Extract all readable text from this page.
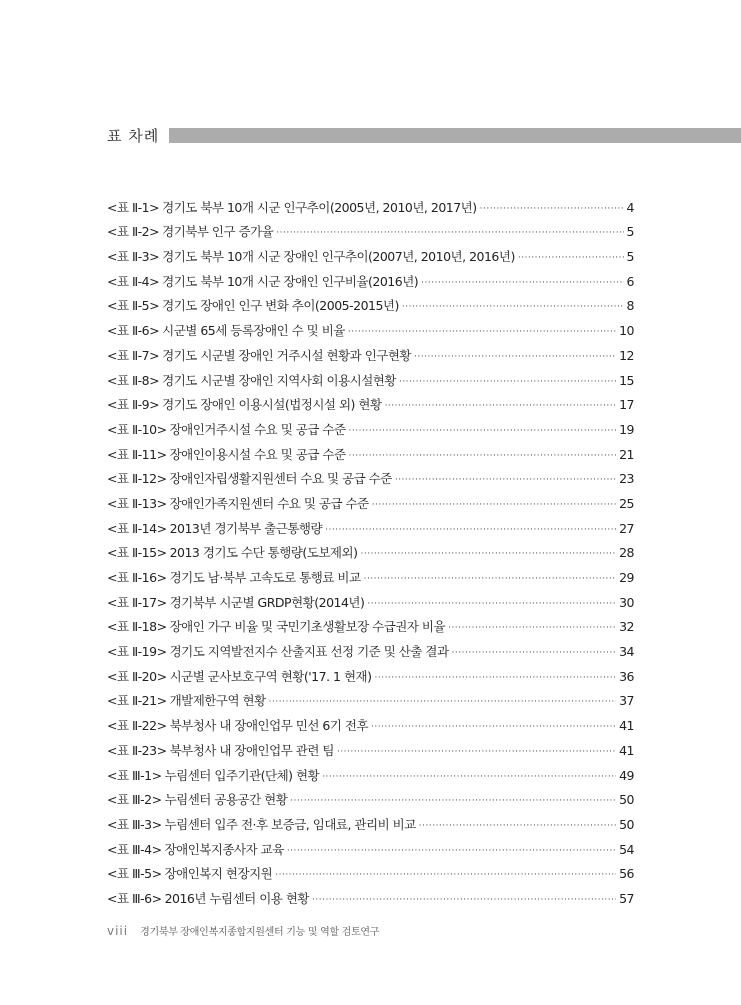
표 차례
<표 Ⅱ-1> 경기도 북부 10개 시군 인구추이(2005년, 2010년, 2017년) ·····	4
<표 Ⅱ-2> 경기북부 인구 증가율 ·····	5
<표 Ⅱ-3> 경기도 북부 10개 시군 장애인 인구추이(2007년, 2010년, 2016년) ·····	5
<표 Ⅱ-4> 경기도 북부 10개 시군 장애인 인구비율(2016년) ·····	6
<표 Ⅱ-5> 경기도 장애인 인구 변화 추이(2005-2015년) ·····	8
<표 Ⅱ-6> 시군별 65세 등록장애인 수 및 비율 ·····	10
<표 Ⅱ-7> 경기도 시군별 장애인 거주시설 현황과 인구현황 ·····	12
<표 Ⅱ-8> 경기도 시군별 장애인 지역사회 이용시설현황 ·····	15
<표 Ⅱ-9> 경기도 장애인 이용시설(법정시설 외) 현황 ·····	17
<표 Ⅱ-10> 장애인거주시설 수요 및 공급 수준 ·····	19
<표 Ⅱ-11> 장애인이용시설 수요 및 공급 수준 ·····	21
<표 Ⅱ-12> 장애인자립생활지원센터 수요 및 공급 수준 ·····	23
<표 Ⅱ-13> 장애인가족지원센터 수요 및 공급 수준 ·····	25
<표 Ⅱ-14> 2013년 경기북부 출근통행량 ·····	27
<표 Ⅱ-15> 2013 경기도 수단 통행량(도보제외) ·····	28
<표 Ⅱ-16> 경기도 남·북부 고속도로 통행료 비교 ·····	29
<표 Ⅱ-17> 경기북부 시군별 GRDP현황(2014년) ·····	30
<표 Ⅱ-18> 장애인 가구 비율 및 국민기초생활보장 수급권자 비율 ·····	32
<표 Ⅱ-19> 경기도 지역발전지수 산출지표 선정 기준 및 산출 결과 ·····	34
<표 Ⅱ-20> 시군별 군사보호구역 현황('17. 1 현재) ·····	36
<표 Ⅱ-21> 개발제한구역 현황 ·····	37
<표 Ⅱ-22> 북부청사 내 장애인업무 민선 6기 전후 ·····	41
<표 Ⅱ-23> 북부청사 내 장애인업무 관련 팀 ·····	41
<표 Ⅲ-1> 누림센터 입주기관(단체) 현황 ·····	49
<표 Ⅲ-2> 누림센터 공용공간 현황 ·····	50
<표 Ⅲ-3> 누림센터 입주 전·후 보증금, 임대료, 관리비 비교 ·····	50
<표 Ⅲ-4> 장애인복지종사자 교육 ·····	54
<표 Ⅲ-5> 장애인복지 현장지원 ·····	56
<표 Ⅲ-6> 2016년 누림센터 이용 현황 ·····	57
viii 경기북부 장애인복지종합지원센터 기능 및 역할 검토연구
